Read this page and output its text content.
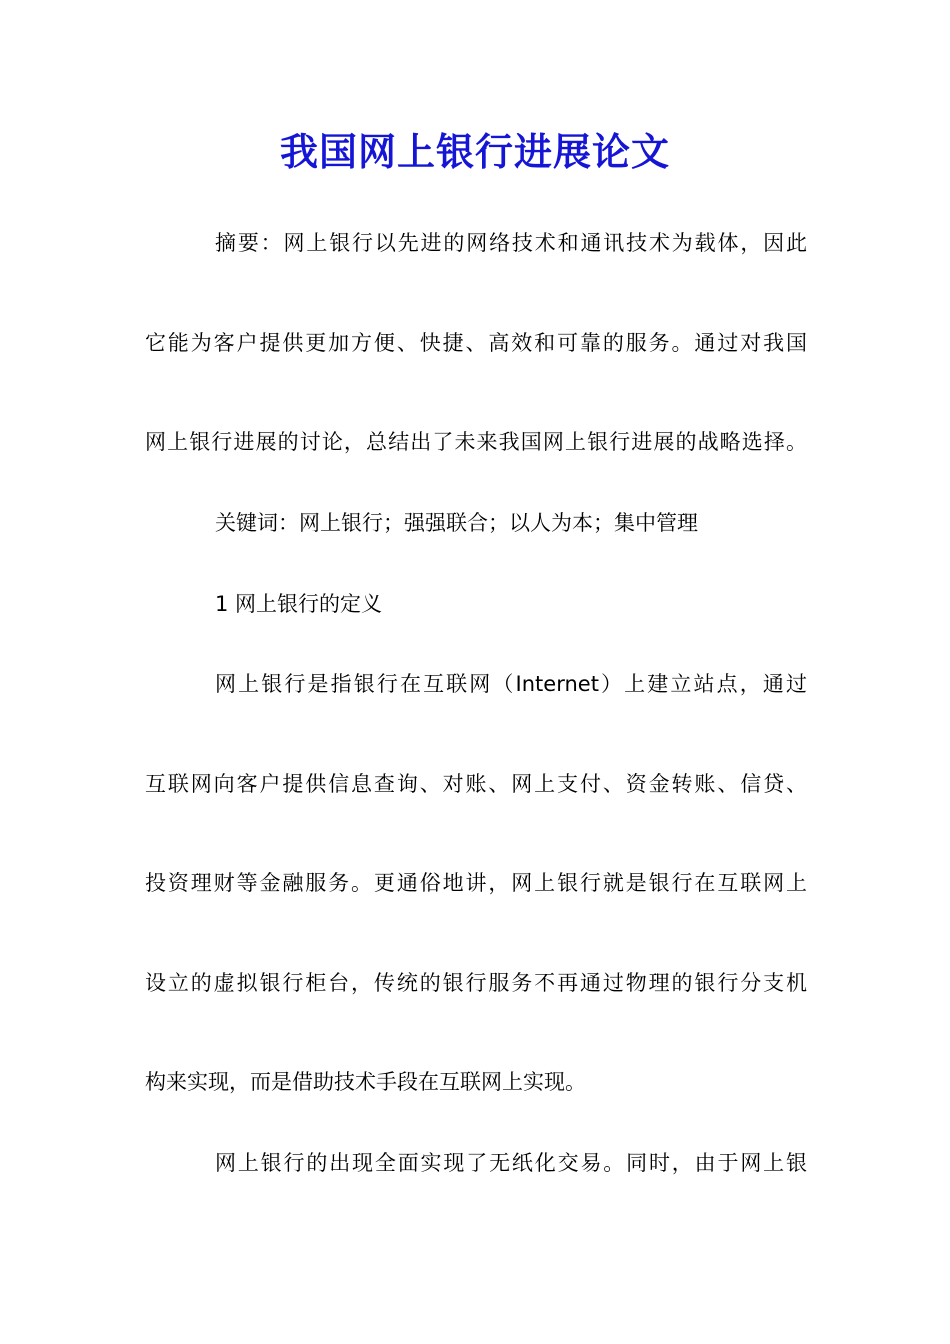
我国网上银行进展论文
摘要：网上银行以先进的网络技术和通讯技术为载体，因此
它能为客户提供更加方便、快捷、高效和可靠的服务。通过对我国
网上银行进展的讨论，总结出了未来我国网上银行进展的战略选择。
关键词：网上银行；强强联合；以人为本；集中管理
1 网上银行的定义
网上银行是指银行在互联网（Internet）上建立站点，通过
互联网向客户提供信息查询、对账、网上支付、资金转账、信贷、
投资理财等金融服务。更通俗地讲，网上银行就是银行在互联网上
设立的虚拟银行柜台，传统的银行服务不再通过物理的银行分支机
构来实现，而是借助技术手段在互联网上实现。
网上银行的出现全面实现了无纸化交易。同时，由于网上银
